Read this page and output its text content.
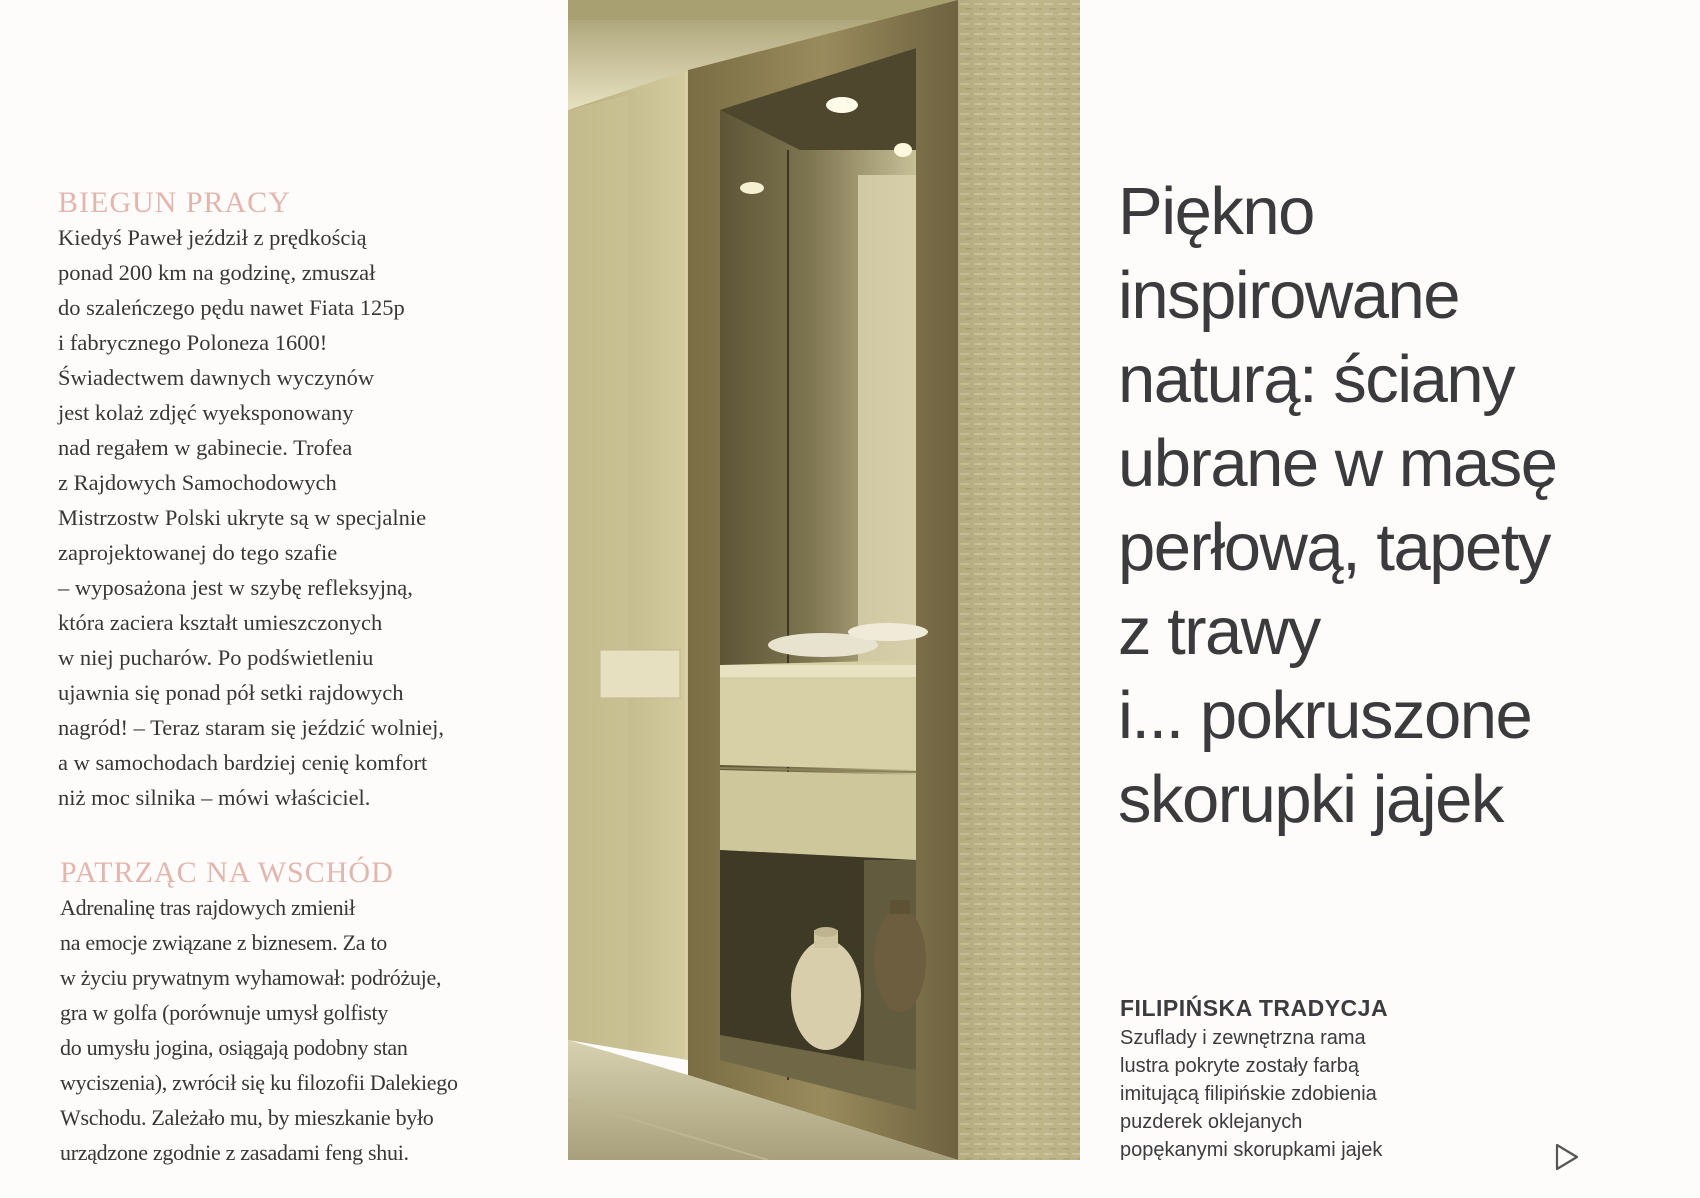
BIEGUN PRACY

Kiedyś Paweł jeździł z prędkością
ponad 200 km na godzinę, zmuszał
do szaleńczego pędu nawet Fiata 125p
i fabrycznego Poloneza 1600!
Świadectwem dawnych wyczynów
jest kolaż zdjęć wyeksponowany
nad regałem w gabinecie. Trofea
z Rajdowych Samochodowych
Mistrzostw Polski ukryte są w specjalnie
zaprojektowanej do tego szafie
– wyposażona jest w szybę refleksyjną,
która zaciera kształt umieszczonych
w niej pucharów. Po podświetleniu
ujawnia się ponad pół setki rajdowych
nagród! – Teraz staram się jeździć wolniej,
a w samochodach bardziej cenię komfort
niż moc silnika – mówi właściciel.

PATRZĄC NA WSCHÓD

Adrenalinę tras rajdowych zmienił
na emocje związane z biznesem. Za to
w życiu prywatnym wyhamował: podróżuje,
gra w golfa (porównuje umysł golfisty
do umysłu jogina, osiągają podobny stan
wyciszenia), zwrócił się ku filozofii Dalekiego
Wschodu. Zależało mu, by mieszkanie było
urządzone zgodnie z zasadami feng shui.

Piękno
inspirowane
naturą: ściany
ubrane w masę
perłową, tapety
z trawy
i... pokruszone
skorupki jajek

FILIPIŃSKA TRADYCJA

Szuflady i zewnętrzna rama
lustra pokryte zostały farbą
imitującą filipińskie zdobienia
puzderek oklejanych
popękanymi skorupkami jajek
